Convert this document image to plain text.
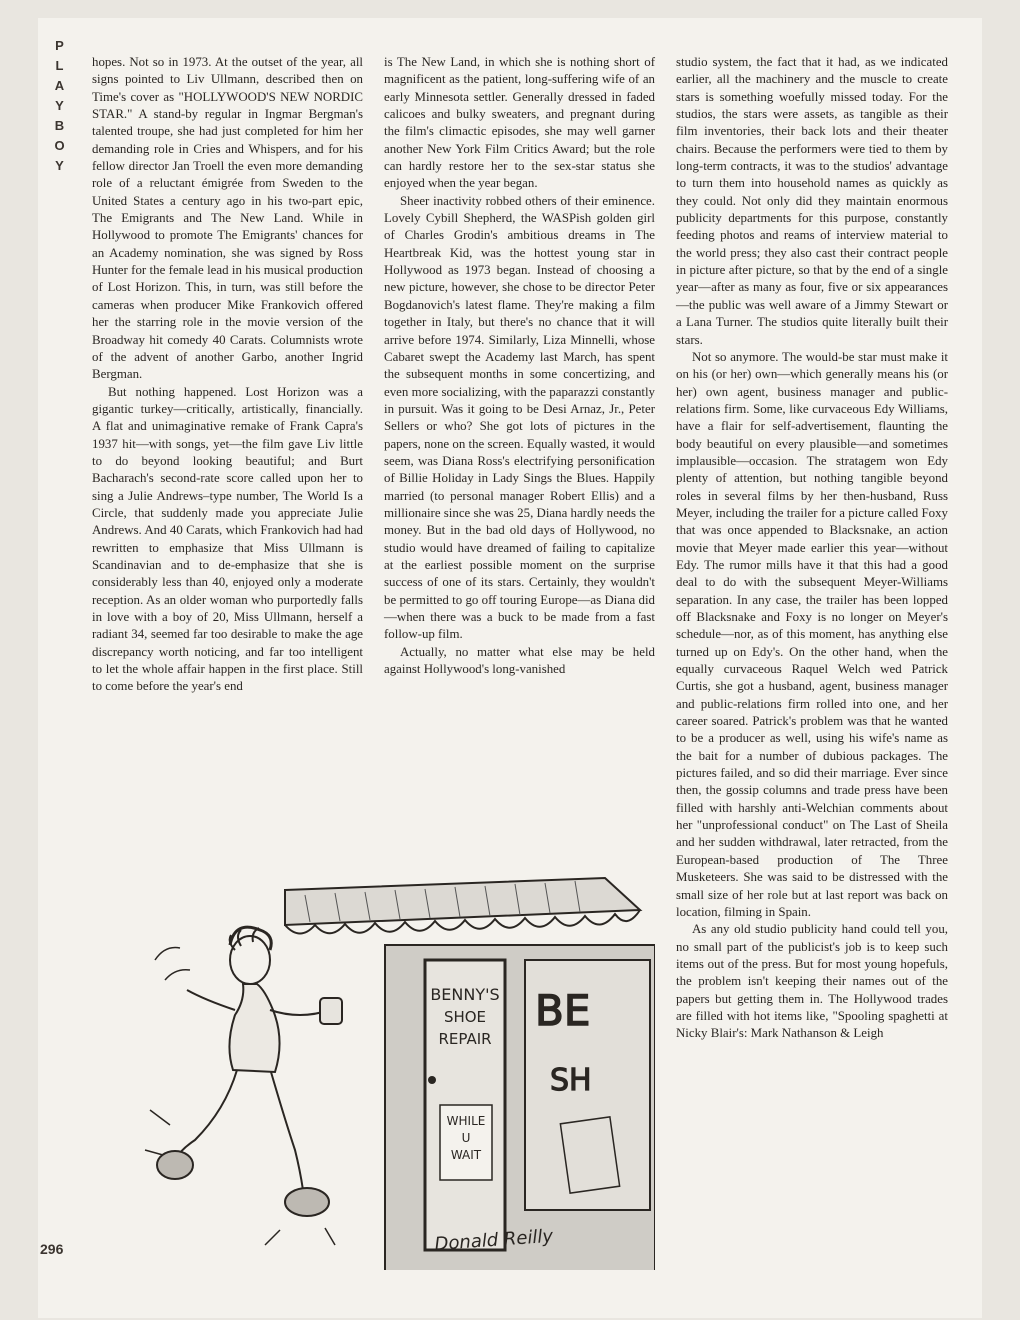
PLAYBOY hopes. Not so in 1973. At the outset of the year, all signs pointed to Liv Ullmann, described then on Time's cover as "HOLLYWOOD'S NEW NORDIC STAR." A stand-by regular in Ingmar Bergman's talented troupe, she had just completed for him her demanding role in Cries and Whispers, and for his fellow director Jan Troell the even more demanding role of a reluctant émigrée from Sweden to the United States a century ago in his two-part epic, The Emigrants and The New Land. While in Hollywood to promote The Emigrants' chances for an Academy nomination, she was signed by Ross Hunter for the female lead in his musical production of Lost Horizon. This, in turn, was still before the cameras when producer Mike Frankovich offered her the starring role in the movie version of the Broadway hit comedy 40 Carats. Columnists wrote of the advent of another Garbo, another Ingrid Bergman.

But nothing happened. Lost Horizon was a gigantic turkey—critically, artistically, financially. A flat and unimaginative remake of Frank Capra's 1937 hit—with songs, yet—the film gave Liv little to do beyond looking beautiful; and Burt Bacharach's second-rate score called upon her to sing a Julie Andrews–type number, The World Is a Circle, that suddenly made you appreciate Julie Andrews. And 40 Carats, which Frankovich had had rewritten to emphasize that Miss Ullmann is Scandinavian and to de-emphasize that she is considerably less than 40, enjoyed only a moderate reception. As an older woman who purportedly falls in love with a boy of 20, Miss Ullmann, herself a radiant 34, seemed far too desirable to make the age discrepancy worth noticing, and far too intelligent to let the whole affair happen in the first place. Still to come before the year's end

is The New Land, in which she is nothing short of magnificent as the patient, long-suffering wife of an early Minnesota settler. Generally dressed in faded calicoes and bulky sweaters, and pregnant during the film's climactic episodes, she may well garner another New York Film Critics Award; but the role can hardly restore her to the sex-star status she enjoyed when the year began.

Sheer inactivity robbed others of their eminence. Lovely Cybill Shepherd, the WASPish golden girl of Charles Grodin's ambitious dreams in The Heartbreak Kid, was the hottest young star in Hollywood as 1973 began. Instead of choosing a new picture, however, she chose to be director Peter Bogdanovich's latest flame. They're making a film together in Italy, but there's no chance that it will arrive before 1974. Similarly, Liza Minnelli, whose Cabaret swept the Academy last March, has spent the subsequent months in some concertizing, and even more socializing, with the paparazzi constantly in pursuit. Was it going to be Desi Arnaz, Jr., Peter Sellers or who? She got lots of pictures in the papers, none on the screen. Equally wasted, it would seem, was Diana Ross's electrifying personification of Billie Holiday in Lady Sings the Blues. Happily married (to personal manager Robert Ellis) and a millionaire since she was 25, Diana hardly needs the money. But in the bad old days of Hollywood, no studio would have dreamed of failing to capitalize at the earliest possible moment on the surprise success of one of its stars. Certainly, they wouldn't be permitted to go off touring Europe—as Diana did—when there was a buck to be made from a fast follow-up film.

Actually, no matter what else may be held against Hollywood's long-vanished

studio system, the fact that it had, as we indicated earlier, all the machinery and the muscle to create stars is something woefully missed today. For the studios, the stars were assets, as tangible as their film inventories, their back lots and their theater chairs. Because the performers were tied to them by long-term contracts, it was to the studios' advantage to turn them into household names as quickly as they could. Not only did they maintain enormous publicity departments for this purpose, constantly feeding photos and reams of interview material to the world press; they also cast their contract people in picture after picture, so that by the end of a single year—after as many as four, five or six appearances—the public was well aware of a Jimmy Stewart or a Lana Turner. The studios quite literally built their stars.

Not so anymore. The would-be star must make it on his (or her) own—which generally means his (or her) own agent, business manager and public-relations firm. Some, like curvaceous Edy Williams, have a flair for self-advertisement, flaunting the body beautiful on every plausible—and sometimes implausible—occasion. The stratagem won Edy plenty of attention, but nothing tangible beyond roles in several films by her then-husband, Russ Meyer, including the trailer for a picture called Foxy that was once appended to Blacksnake, an action movie that Meyer made earlier this year—without Edy. The rumor mills have it that this had a good deal to do with the subsequent Meyer-Williams separation. In any case, the trailer has been lopped off Blacksnake and Foxy is no longer on Meyer's schedule—nor, as of this moment, has anything else turned up on Edy's. On the other hand, when the equally curvaceous Raquel Welch wed Patrick Curtis, she got a husband, agent, business manager and public-relations firm rolled into one, and her career soared. Patrick's problem was that he wanted to be a producer as well, using his wife's name as the bait for a number of dubious packages. The pictures failed, and so did their marriage. Ever since then, the gossip columns and trade press have been filled with harshly anti-Welchian comments about her "unprofessional conduct" on The Last of Sheila and her sudden withdrawal, later retracted, from the European-based production of The Three Musketeers. She was said to be distressed with the small size of her role but at last report was back on location, filming in Spain.

As any old studio publicity hand could tell you, no small part of the publicist's job is to keep such items out of the press. But for most young hopefuls, the problem isn't keeping their names out of the papers but getting them in. The Hollywood trades are filled with hot items like, "Spooling spaghetti at Nicky Blair's: Mark Nathanson & Leigh

BENNY'S
SHOE
REPAIR
WHILE
U
WAIT
BE
SH
Donald Reilly
296
